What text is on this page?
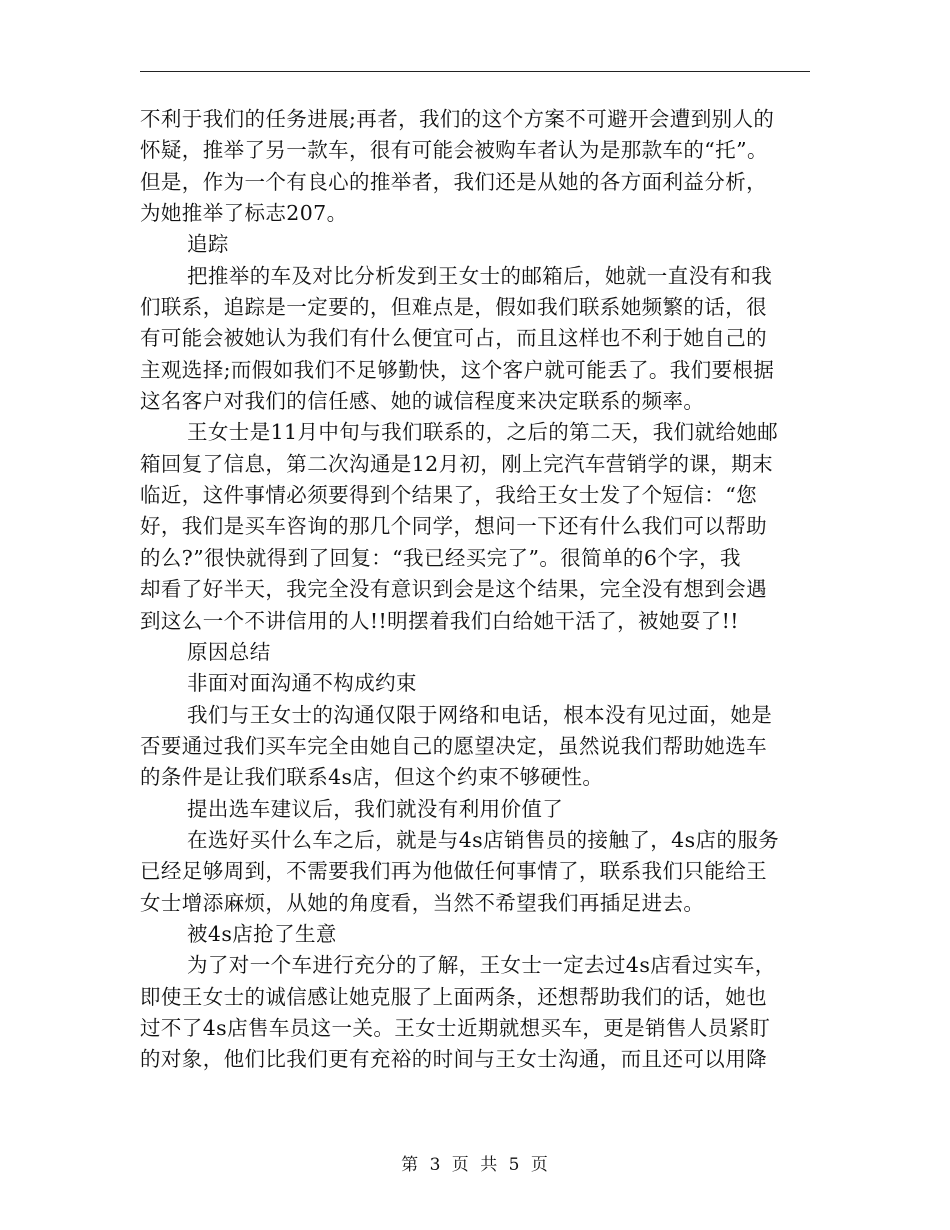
不利于我们的任务进展;再者，我们的这个方案不可避开会遭到别人的
怀疑，推举了另一款车，很有可能会被购车者认为是那款车的“托”。
但是，作为一个有良心的推举者，我们还是从她的各方面利益分析，
为她推举了标志207。
追踪
把推举的车及对比分析发到王女士的邮箱后，她就一直没有和我
们联系，追踪是一定要的，但难点是，假如我们联系她频繁的话，很
有可能会被她认为我们有什么便宜可占，而且这样也不利于她自己的
主观选择;而假如我们不足够勤快，这个客户就可能丢了。我们要根据
这名客户对我们的信任感、她的诚信程度来决定联系的频率。
王女士是11月中旬与我们联系的，之后的第二天，我们就给她邮
箱回复了信息，第二次沟通是12月初，刚上完汽车营销学的课，期末
临近，这件事情必须要得到个结果了，我给王女士发了个短信：“您
好，我们是买车咨询的那几个同学，想问一下还有什么我们可以帮助
的么?”很快就得到了回复：“我已经买完了”。很简单的6个字，我
却看了好半天，我完全没有意识到会是这个结果，完全没有想到会遇
到这么一个不讲信用的人!!明摆着我们白给她干活了，被她耍了!!
原因总结
非面对面沟通不构成约束
我们与王女士的沟通仅限于网络和电话，根本没有见过面，她是
否要通过我们买车完全由她自己的愿望决定，虽然说我们帮助她选车
的条件是让我们联系4s店，但这个约束不够硬性。
提出选车建议后，我们就没有利用价值了
在选好买什么车之后，就是与4s店销售员的接触了，4s店的服务
已经足够周到，不需要我们再为他做任何事情了，联系我们只能给王
女士增添麻烦，从她的角度看，当然不希望我们再插足进去。
被4s店抢了生意
为了对一个车进行充分的了解，王女士一定去过4s店看过实车，
即使王女士的诚信感让她克服了上面两条，还想帮助我们的话，她也
过不了4s店售车员这一关。王女士近期就想买车，更是销售人员紧盯
的对象，他们比我们更有充裕的时间与王女士沟通，而且还可以用降
第 3 页 共 5 页
